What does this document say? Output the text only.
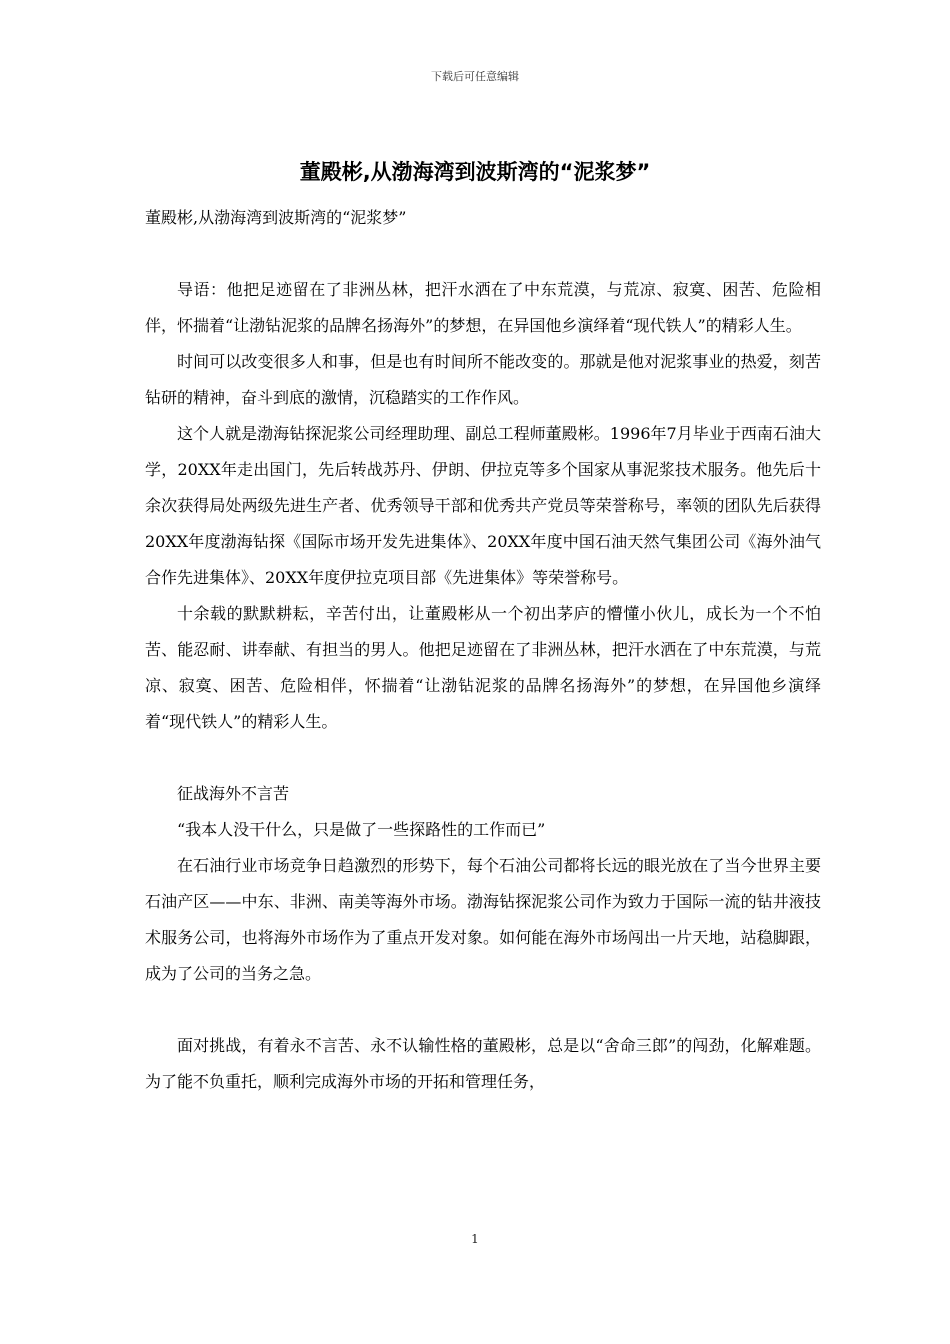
下载后可任意编辑
董殿彬,从渤海湾到波斯湾的“泥浆梦”

董殿彬,从渤海湾到波斯湾的“泥浆梦”

导语：他把足迹留在了非洲丛林，把汗水洒在了中东荒漠，与荒凉、寂寞、困苦、危险相伴，怀揣着“让渤钻泥浆的品牌名扬海外”的梦想，在异国他乡演绎着“现代铁人”的精彩人生。

时间可以改变很多人和事，但是也有时间所不能改变的。那就是他对泥浆事业的热爱，刻苦钻研的精神，奋斗到底的激情，沉稳踏实的工作作风。

这个人就是渤海钻探泥浆公司经理助理、副总工程师董殿彬。1996年7月毕业于西南石油大学，20XX年走出国门，先后转战苏丹、伊朗、伊拉克等多个国家从事泥浆技术服务。他先后十余次获得局处两级先进生产者、优秀领导干部和优秀共产党员等荣誉称号，率领的团队先后获得20XX年度渤海钻探《国际市场开发先进集体》、20XX年度中国石油天然气集团公司《海外油气合作先进集体》、20XX年度伊拉克项目部《先进集体》等荣誉称号。

十余载的默默耕耘，辛苦付出，让董殿彬从一个初出茅庐的懵懂小伙儿，成长为一个不怕苦、能忍耐、讲奉献、有担当的男人。他把足迹留在了非洲丛林，把汗水洒在了中东荒漠，与荒凉、寂寞、困苦、危险相伴，怀揣着“让渤钻泥浆的品牌名扬海外”的梦想，在异国他乡演绎着“现代铁人”的精彩人生。

征战海外不言苦

“我本人没干什么，只是做了一些探路性的工作而已”

在石油行业市场竞争日趋激烈的形势下，每个石油公司都将长远的眼光放在了当今世界主要石油产区——中东、非洲、南美等海外市场。渤海钻探泥浆公司作为致力于国际一流的钻井液技术服务公司，也将海外市场作为了重点开发对象。如何能在海外市场闯出一片天地，站稳脚跟，成为了公司的当务之急。

面对挑战，有着永不言苦、永不认输性格的董殿彬，总是以“舍命三郎”的闯劲，化解难题。为了能不负重托，顺利完成海外市场的开拓和管理任务，

1
